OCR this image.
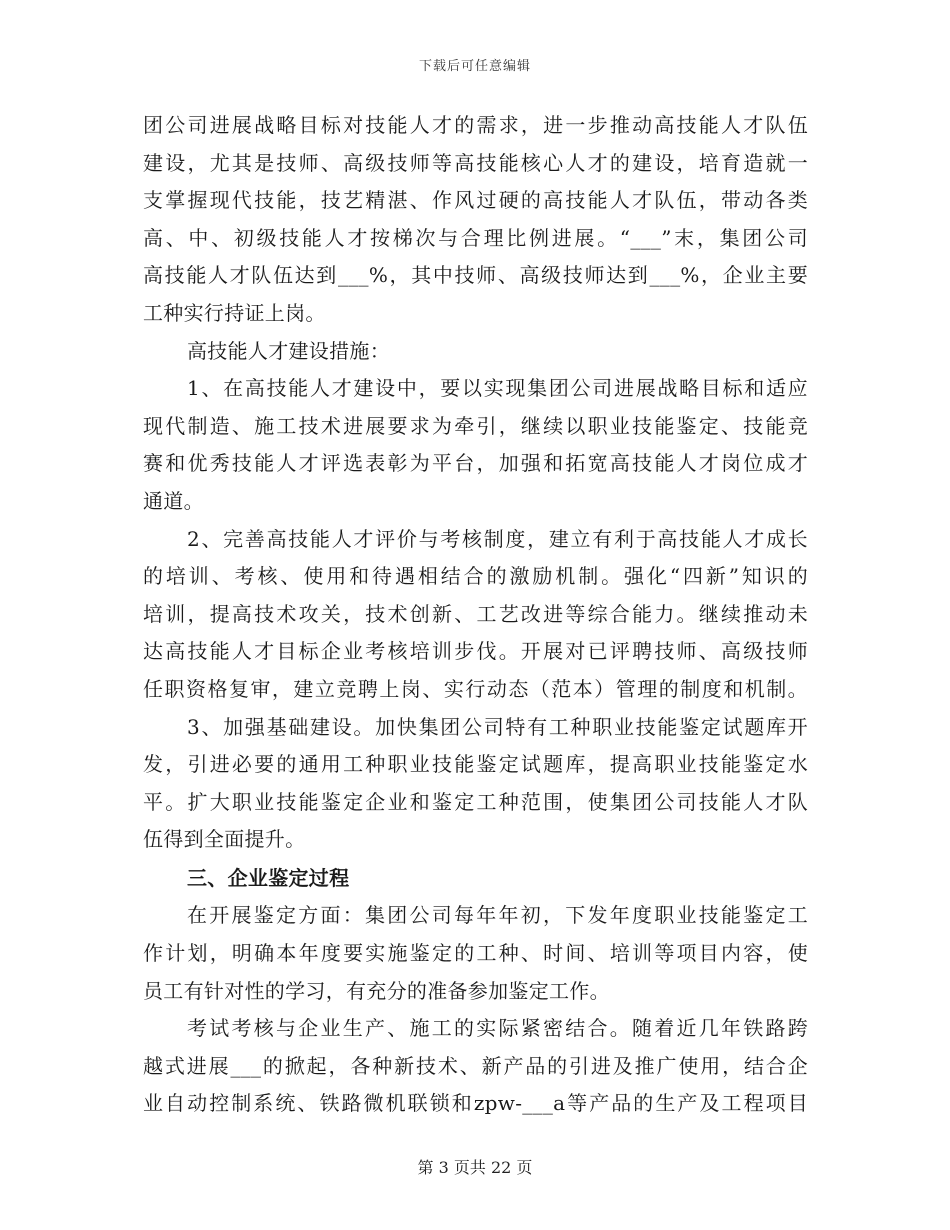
下载后可任意编辑
团公司进展战略目标对技能人才的需求，进一步推动高技能人才队伍
建设，尤其是技师、高级技师等高技能核心人才的建设，培育造就一
支掌握现代技能，技艺精湛、作风过硬的高技能人才队伍，带动各类
高、中、初级技能人才按梯次与合理比例进展。“___”末，集团公司
高技能人才队伍达到___%，其中技师、高级技师达到___%，企业主要
工种实行持证上岗。
高技能人才建设措施：
1、在高技能人才建设中，要以实现集团公司进展战略目标和适应
现代制造、施工技术进展要求为牵引，继续以职业技能鉴定、技能竞
赛和优秀技能人才评选表彰为平台，加强和拓宽高技能人才岗位成才
通道。
2、完善高技能人才评价与考核制度，建立有利于高技能人才成长
的培训、考核、使用和待遇相结合的激励机制。强化“四新”知识的
培训，提高技术攻关，技术创新、工艺改进等综合能力。继续推动未
达高技能人才目标企业考核培训步伐。开展对已评聘技师、高级技师
任职资格复审，建立竞聘上岗、实行动态（范本）管理的制度和机制。
3、加强基础建设。加快集团公司特有工种职业技能鉴定试题库开
发，引进必要的通用工种职业技能鉴定试题库，提高职业技能鉴定水
平。扩大职业技能鉴定企业和鉴定工种范围，使集团公司技能人才队
伍得到全面提升。
三、企业鉴定过程
在开展鉴定方面：集团公司每年年初，下发年度职业技能鉴定工
作计划，明确本年度要实施鉴定的工种、时间、培训等项目内容，使
员工有针对性的学习，有充分的准备参加鉴定工作。
考试考核与企业生产、施工的实际紧密结合。随着近几年铁路跨
越式进展___的掀起，各种新技术、新产品的引进及推广使用，结合企
业自动控制系统、铁路微机联锁和zpw-___a等产品的生产及工程项目
第 3 页共 22 页
